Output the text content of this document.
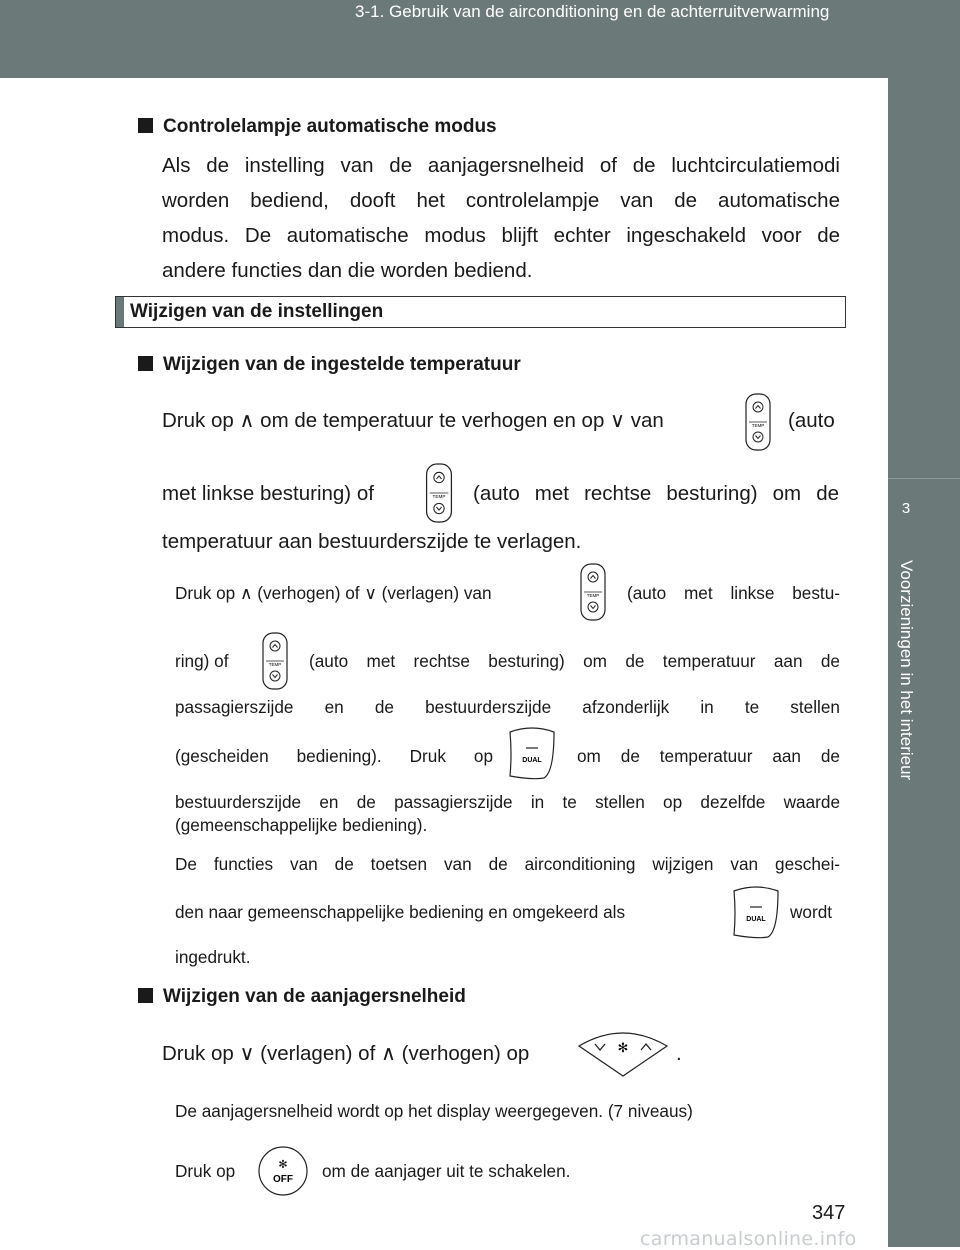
3-1. Gebruik van de airconditioning en de achterruitverwarming
3
Voorzieningen in het interieur
Controlelampje automatische modus
Als de instelling van de aanjagersnelheid of de luchtcirculatiemodi
worden bediend, dooft het controlelampje van de automatische
modus. De automatische modus blijft echter ingeschakeld voor de
andere functies dan die worden bediend.
Wijzigen van de instellingen
Wijzigen van de ingestelde temperatuur
Druk op ∧ om de temperatuur te verhogen en op ∨ van	TEMP (auto
met linkse besturing) of	TEMP (auto met rechtse besturing) om de
temperatuur aan bestuurderszijde te verlagen.
Druk op ∧ (verhogen) of ∨ (verlagen) van	TEMP (auto met linkse bestu-
ring) of	TEMP (auto met rechtse besturing) om de temperatuur aan de
passagierszijde en de bestuurderszijde afzonderlijk in te stellen
(gescheiden bediening). Druk op	DUAL om de temperatuur aan de
bestuurderszijde en de passagierszijde in te stellen op dezelfde waarde
(gemeenschappelijke bediening).
De functies van de toetsen van de airconditioning wijzigen van geschei-
den naar gemeenschappelijke bediening en omgekeerd als	DUAL wordt
ingedrukt.
Wijzigen van de aanjagersnelheid
Druk op ∨ (verlagen) of ∧ (verhogen) op	✻ .
De aanjagersnelheid wordt op het display weergegeven. (7 niveaus)
Druk op	✻
OFF om de aanjager uit te schakelen.
347
carmanualsonline.info
